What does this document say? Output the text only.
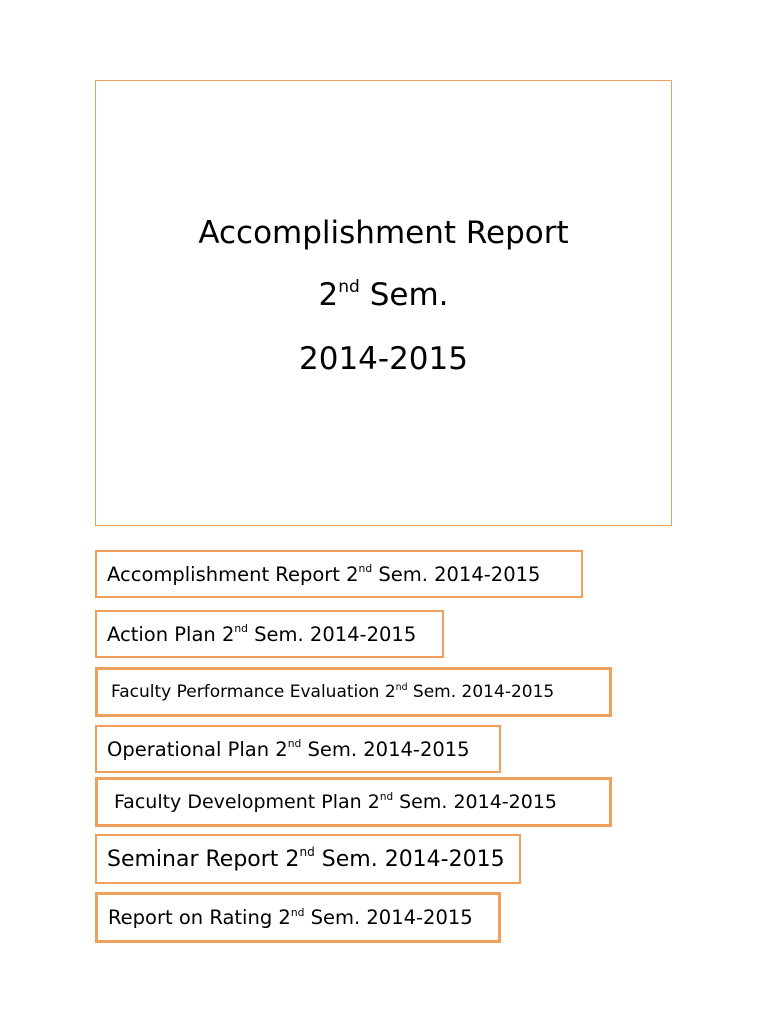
Accomplishment Report
2nd Sem.
2014-2015
Accomplishment Report 2nd Sem. 2014-2015
Action Plan 2nd Sem. 2014-2015
Faculty Performance Evaluation 2nd Sem. 2014-2015
Operational Plan 2nd Sem. 2014-2015
Faculty Development Plan 2nd Sem. 2014-2015
Seminar Report 2nd Sem. 2014-2015
Report on Rating 2nd Sem. 2014-2015
